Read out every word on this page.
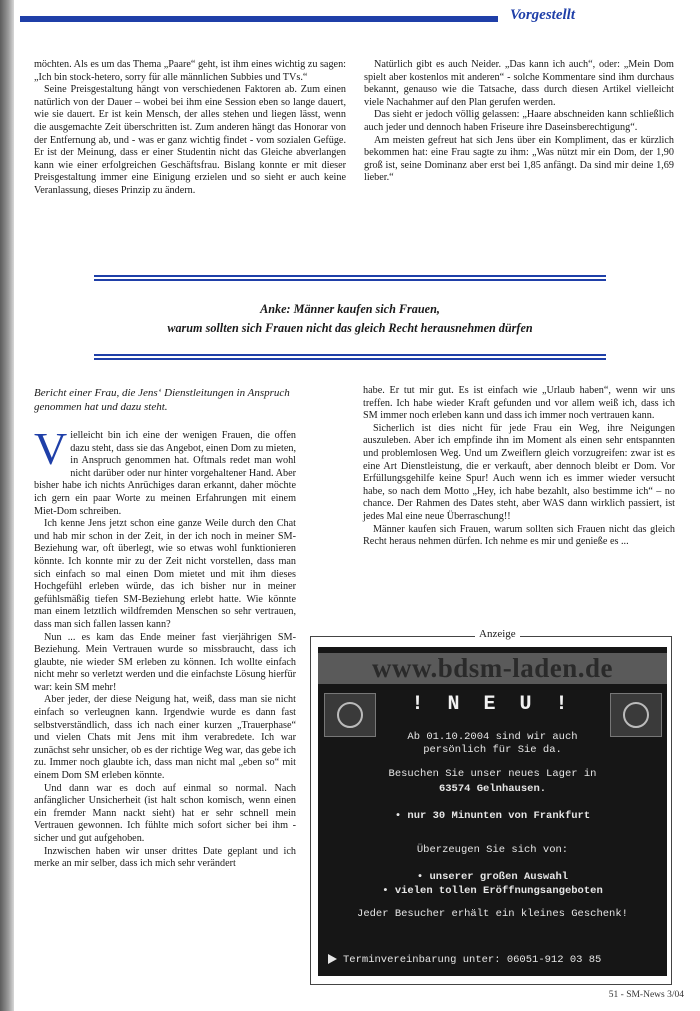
Vorgestellt

möchten. Als es um das Thema „Paare“ geht, ist ihm eines wichtig zu sagen: „Ich bin stock-hetero, sorry für alle männlichen Subbies und TVs.“

Seine Preisgestaltung hängt von verschiedenen Faktoren ab. Zum einen natürlich von der Dauer – wobei bei ihm eine Session eben so lange dauert, wie sie dauert. Er ist kein Mensch, der alles stehen und liegen lässt, wenn die ausgemachte Zeit überschritten ist. Zum anderen hängt das Honorar von der Entfernung ab, und - was er ganz wichtig findet - vom sozialen Gefüge. Er ist der Meinung, dass er einer Studentin nicht das Gleiche abverlangen kann wie einer erfolgreichen Geschäftsfrau. Bislang konnte er mit dieser Preisgestaltung immer eine Einigung erzielen und so sieht er auch keine Veranlassung, dieses Prinzip zu ändern.

Natürlich gibt es auch Neider. „Das kann ich auch“, oder: „Mein Dom spielt aber kostenlos mit anderen“ - solche Kommentare sind ihm durchaus bekannt, genauso wie die Tatsache, dass durch diesen Artikel vielleicht viele Nachahmer auf den Plan gerufen werden.

Das sieht er jedoch völlig gelassen: „Haare abschneiden kann schließlich auch jeder und dennoch haben Friseure ihre Daseinsberechtigung“.

Am meisten gefreut hat sich Jens über ein Kompliment, das er kürzlich bekommen hat: eine Frau sagte zu ihm: „Was nützt mir ein Dom, der 1,90 groß ist, seine Dominanz aber erst bei 1,85 anfängt. Da sind mir deine 1,69 lieber.“

Anke: Männer kaufen sich Frauen,
warum sollten sich Frauen nicht das gleich Recht herausnehmen dürfen
Bericht einer Frau, die Jens‘ Dienstleitungen in Anspruch genommen hat und dazu steht.

Vielleicht bin ich eine der wenigen Frauen, die offen dazu steht, dass sie das Angebot, einen Dom zu mieten, in Anspruch genommen hat. Oftmals redet man wohl nicht darüber oder nur hinter vorgehaltener Hand. Aber bisher habe ich nichts Anrüchiges daran erkannt, daher möchte ich gern ein paar Worte zu meinen Erfahrungen mit einem Miet-Dom schreiben.

Ich kenne Jens jetzt schon eine ganze Weile durch den Chat und hab mir schon in der Zeit, in der ich noch in meiner SM-Beziehung war, oft überlegt, wie so etwas wohl funktionieren könnte. Ich konnte mir zu der Zeit nicht vorstellen, dass man sich einfach so mal einen Dom mietet und mit ihm dieses Hochgefühl erleben würde, das ich bisher nur in meiner gefühlsmäßig tiefen SM-Beziehung erlebt hatte. Wie könnte man einem letztlich wildfremden Menschen so sehr vertrauen, dass man sich fallen lassen kann?

Nun ... es kam das Ende meiner fast vierjährigen SM-Beziehung. Mein Vertrauen wurde so missbraucht, dass ich glaubte, nie wieder SM erleben zu können. Ich wollte einfach nicht mehr so verletzt werden und die einfachste Lösung hierfür war: kein SM mehr!

Aber jeder, der diese Neigung hat, weiß, dass man sie nicht einfach so verleugnen kann. Irgendwie wurde es dann fast selbstverständlich, dass ich nach einer kurzen „Trauerphase“ und vielen Chats mit Jens mit ihm verabredete. Ich war zunächst sehr unsicher, ob es der richtige Weg war, das gebe ich zu. Immer noch glaubte ich, dass man nicht mal „eben so“ mit einem Dom SM erleben könnte.

Und dann war es doch auf einmal so normal. Nach anfänglicher Unsicherheit (ist halt schon komisch, wenn einen ein fremder Mann nackt sieht) hat er sehr schnell mein Vertrauen gewonnen. Ich fühlte mich sofort sicher bei ihm - sicher und gut aufgehoben.

Inzwischen haben wir unser drittes Date geplant und ich merke an mir selber, dass ich mich sehr verändert

habe. Er tut mir gut. Es ist einfach wie „Urlaub haben“, wenn wir uns treffen. Ich habe wieder Kraft gefunden und vor allem weiß ich, dass ich SM immer noch erleben kann und dass ich immer noch vertrauen kann.

Sicherlich ist dies nicht für jede Frau ein Weg, ihre Neigungen auszuleben. Aber ich empfinde ihn im Moment als einen sehr entspannten und problemlosen Weg. Und um Zweiflern gleich vorzugreifen: zwar ist es eine Art Dienstleistung, die er verkauft, aber dennoch bleibt er Dom. Vor Erfüllungsgehilfe keine Spur! Auch wenn ich es immer wieder versucht habe, so nach dem Motto „Hey, ich habe bezahlt, also bestimme ich“ – no chance. Der Rahmen des Dates steht, aber WAS dann wirklich passiert, ist jedes Mal eine neue Überraschung!!

Männer kaufen sich Frauen, warum sollten sich Frauen nicht das gleich Recht heraus nehmen dürfen. Ich nehme es mir und genieße es ...

Anzeige
www.bdsm-laden.de
! N E U !
Ab 01.10.2004 sind wir auch
persönlich für Sie da.
Besuchen Sie unser neues Lager in
63574 Gelnhausen.
• nur 30 Minunten von Frankfurt
Überzeugen Sie sich von:
• unserer großen Auswahl
• vielen tollen Eröffnungsangeboten
Jeder Besucher erhält ein kleines Geschenk!
Terminvereinbarung unter: 06051-912 03 85
51 - SM-News 3/04
